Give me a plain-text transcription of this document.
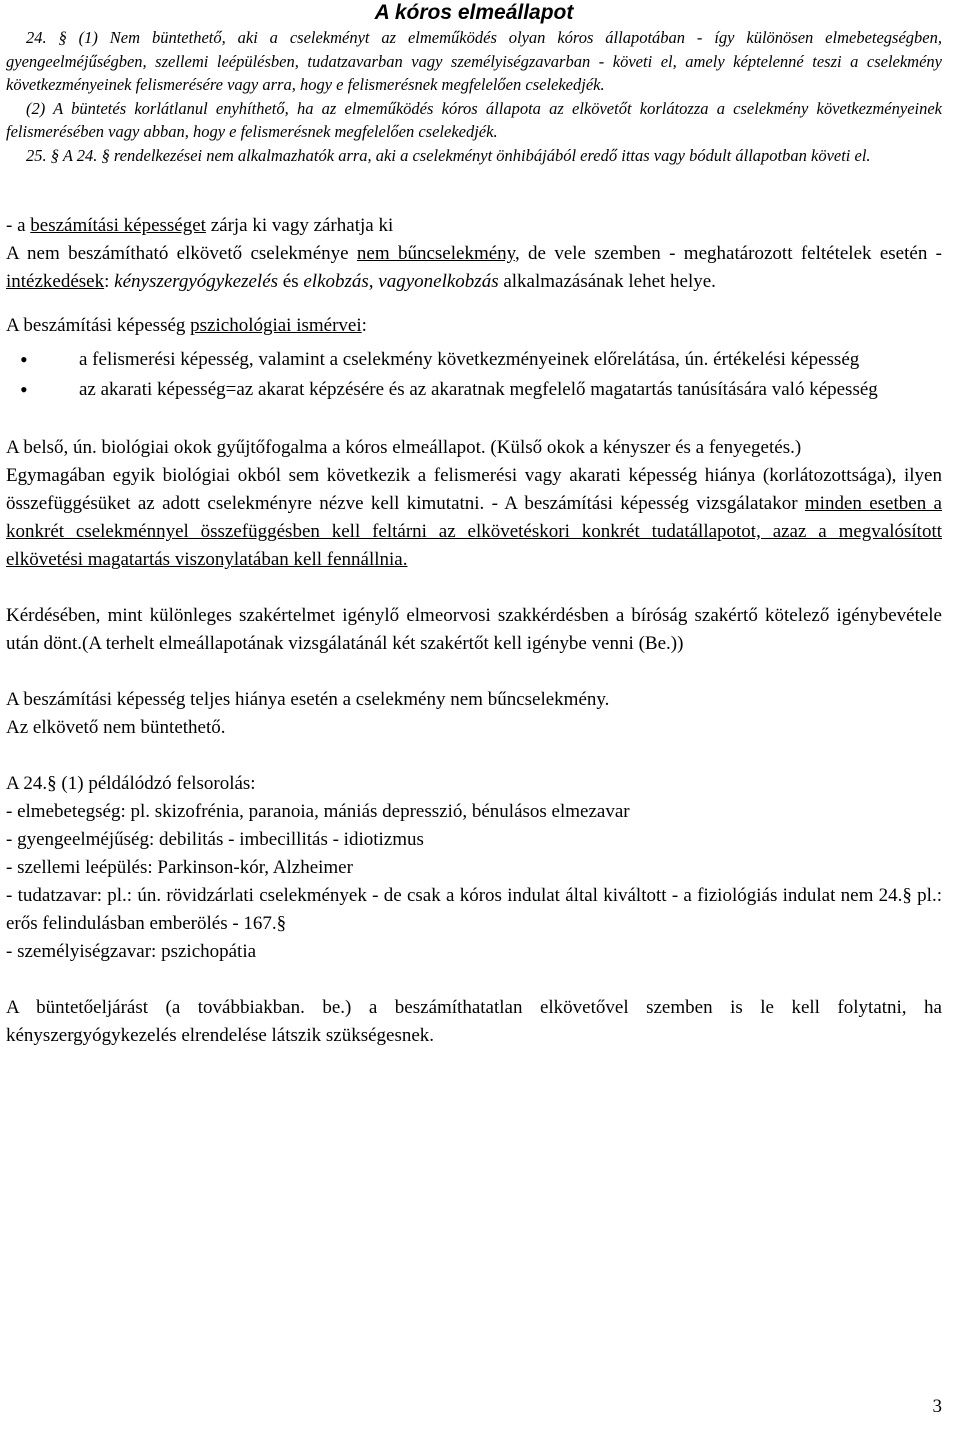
A kóros elmeállapot

24. § (1) Nem büntethető, aki a cselekményt az elmeműködés olyan kóros állapotában - így különösen elmebetegségben, gyengeelméjűségben, szellemi leépülésben, tudatzavarban vagy személyiségzavarban - követi el, amely képtelenné teszi a cselekmény következményeinek felismerésére vagy arra, hogy e felismerésnek megfelelően cselekedjék.

(2) A büntetés korlátlanul enyhíthető, ha az elmeműködés kóros állapota az elkövetőt korlátozza a cselekmény következményeinek felismerésében vagy abban, hogy e felismerésnek megfelelően cselekedjék.

25. § A 24. § rendelkezései nem alkalmazhatók arra, aki a cselekményt önhibájából eredő ittas vagy bódult állapotban követi el.

- a beszámítási képességet zárja ki vagy zárhatja ki

A nem beszámítható elkövető cselekménye nem bűncselekmény, de vele szemben - meghatározott feltételek esetén - intézkedések: kényszergyógykezelés és elkobzás, vagyonelkobzás alkalmazásának lehet helye.

A beszámítási képesség pszichológiai ismérvei:

• a felismerési képesség, valamint a cselekmény következményeinek előrelátása, ún. értékelési képesség
• az akarati képesség=az akarat képzésére és az akaratnak megfelelő magatartás tanúsítására való képesség

A belső, ún. biológiai okok gyűjtőfogalma a kóros elmeállapot. (Külső okok a kényszer és a fenyegetés.)

Egymagában egyik biológiai okból sem következik a felismerési vagy akarati képesség hiánya (korlátozottsága), ilyen összefüggésüket az adott cselekményre nézve kell kimutatni. - A beszámítási képesség vizsgálatakor minden esetben a konkrét cselekménnyel összefüggésben kell feltárni az elkövetéskori konkrét tudatállapotot, azaz a megvalósított elkövetési magatartás viszonylatában kell fennállnia.

Kérdésében, mint különleges szakértelmet igénylő elmeorvosi szakkérdésben a bíróság szakértő kötelező igénybevétele után dönt.(A terhelt elmeállapotának vizsgálatánál két szakértőt kell igénybe venni (Be.))

A beszámítási képesség teljes hiánya esetén a cselekmény nem bűncselekmény.

Az elkövető nem büntethető.

A 24.§ (1) példálódzó felsorolás:

- elmebetegség: pl. skizofrénia, paranoia, mániás depresszió, bénulásos elmezavar

- gyengeelméjűség: debilitás - imbecillitás - idiotizmus

- szellemi leépülés: Parkinson-kór, Alzheimer

- tudatzavar: pl.: ún. rövidzárlati cselekmények - de csak a kóros indulat által kiváltott - a fiziológiás indulat nem 24.§ pl.: erős felindulásban emberölés - 167.§

- személyiségzavar: pszichopátia

A büntetőeljárást (a továbbiakban. be.) a beszámíthatatlan elkövetővel szemben is le kell folytatni, ha kényszergyógykezelés elrendelése látszik szükségesnek.

3
